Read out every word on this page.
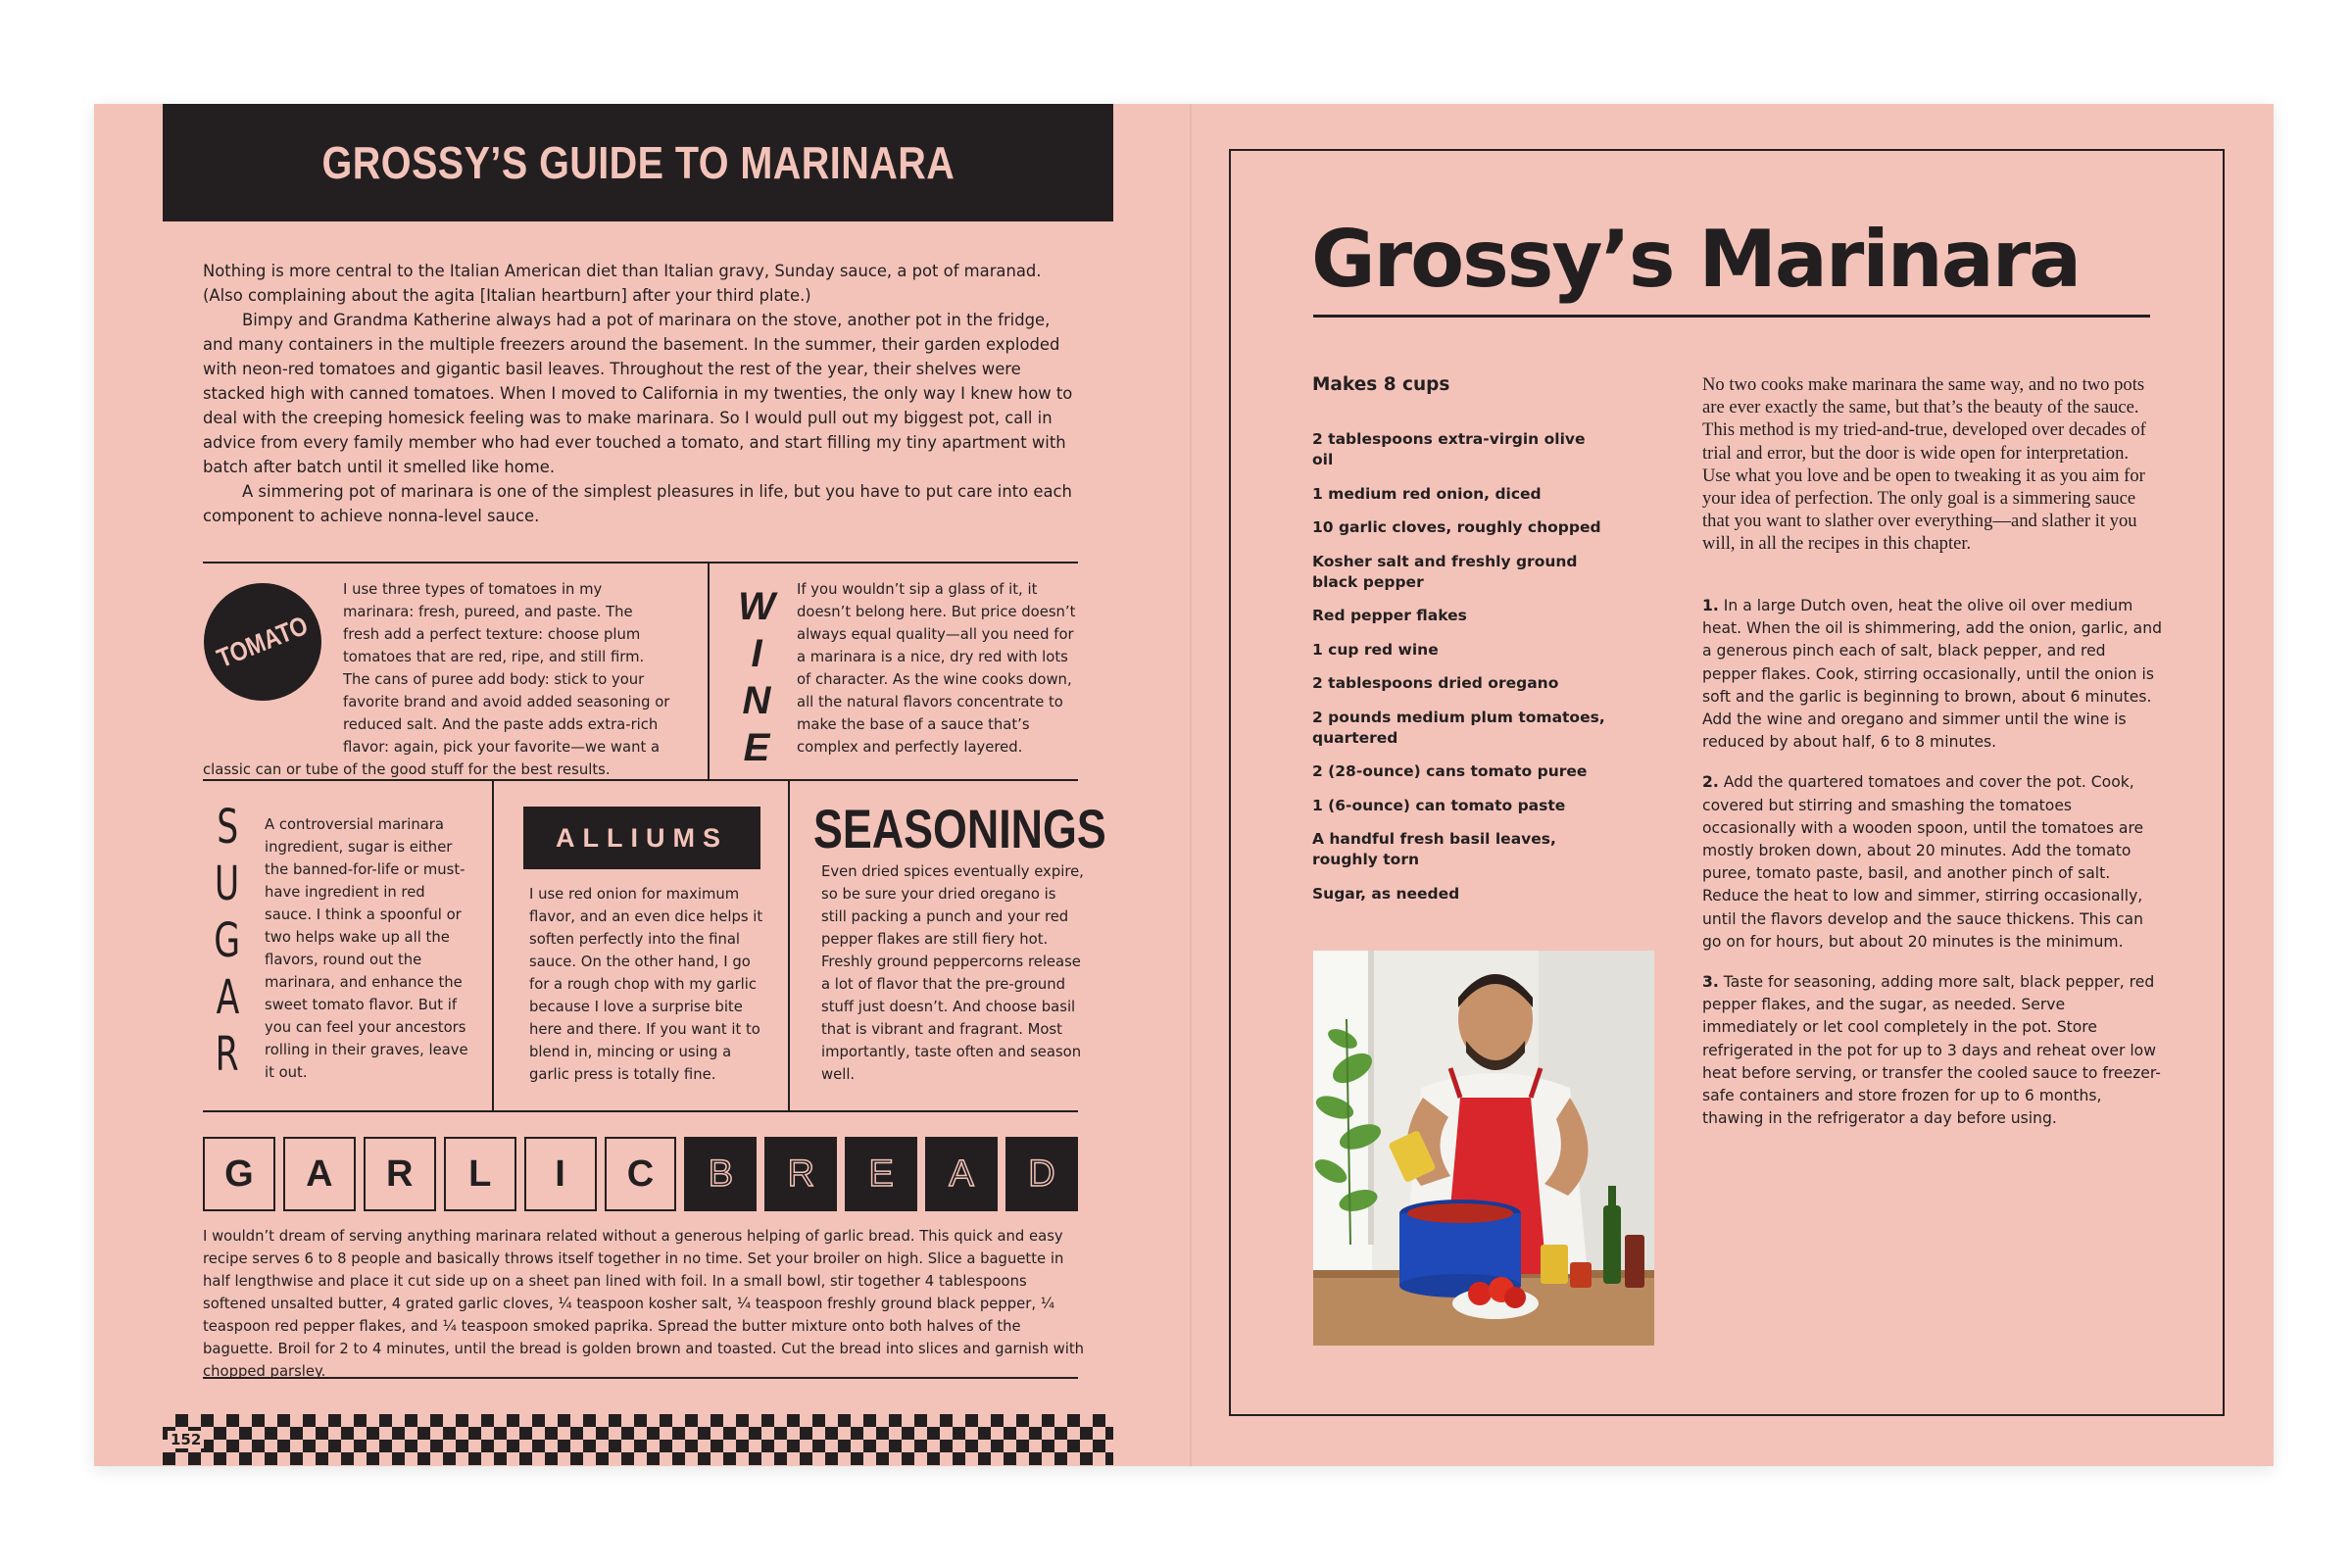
GROSSY’S GUIDE TO MARINARA

Nothing is more central to the Italian American diet than Italian gravy, Sunday sauce, a pot of maranad. (Also complaining about the agita [Italian heartburn] after your third plate.)

Bimpy and Grandma Katherine always had a pot of marinara on the stove, another pot in the fridge, and many containers in the multiple freezers around the basement. In the summer, their garden exploded with neon-red tomatoes and gigantic basil leaves. Throughout the rest of the year, their shelves were stacked high with canned tomatoes. When I moved to California in my twenties, the only way I knew how to deal with the creeping homesick feeling was to make marinara. So I would pull out my biggest pot, call in advice from every family member who had ever touched a tomato, and start filling my tiny apartment with batch after batch until it smelled like home.

A simmering pot of marinara is one of the simplest pleasures in life, but you have to put care into each component to achieve nonna-level sauce.

TOMATO

I use three types of tomatoes in my marinara: fresh, pureed, and paste. The fresh add a perfect texture: choose plum tomatoes that are red, ripe, and still firm. The cans of puree add body: stick to your favorite brand and avoid added seasoning or reduced salt. And the paste adds extra-rich flavor: again, pick your favorite—we want a classic can or tube of the good stuff for the best results.

W
I
N
E

If you wouldn’t sip a glass of it, it doesn’t belong here. But price doesn’t always equal quality—all you need for a marinara is a nice, dry red with lots of character. As the wine cooks down, all the natural flavors concentrate to make the base of a sauce that’s complex and perfectly layered.

S
U
G
A
R

A controversial marinara ingredient, sugar is either the banned-for-life or must-have ingredient in red sauce. I think a spoonful or two helps wake up all the flavors, round out the marinara, and enhance the sweet tomato flavor. But if you can feel your ancestors rolling in their graves, leave it out.

ALLIUMS

I use red onion for maximum flavor, and an even dice helps it soften perfectly into the final sauce. On the other hand, I go for a rough chop with my garlic because I love a surprise bite here and there. If you want it to blend in, mincing or using a garlic press is totally fine.

SEASONINGS

Even dried spices eventually expire, so be sure your dried oregano is still packing a punch and your red pepper flakes are still fiery hot. Freshly ground peppercorns release a lot of flavor that the pre-ground stuff just doesn’t. And choose basil that is vibrant and fragrant. Most importantly, taste often and season well.

G	A	R	L	I	C	B R E A D

I wouldn’t dream of serving anything marinara related without a generous helping of garlic bread. This quick and easy recipe serves 6 to 8 people and basically throws itself together in no time. Set your broiler on high. Slice a baguette in half lengthwise and place it cut side up on a sheet pan lined with foil. In a small bowl, stir together 4 tablespoons softened unsalted butter, 4 grated garlic cloves, ¼ teaspoon kosher salt, ¼ teaspoon freshly ground black pepper, ¼ teaspoon red pepper flakes, and ¼ teaspoon smoked paprika. Spread the butter mixture onto both halves of the baguette. Broil for 2 to 4 minutes, until the bread is golden brown and toasted. Cut the bread into slices and garnish with chopped parsley.

152
Grossy’s Marinara

Makes 8 cups

2 tablespoons extra-virgin olive oil
1 medium red onion, diced
10 garlic cloves, roughly chopped
Kosher salt and freshly ground black pepper
Red pepper flakes
1 cup red wine
2 tablespoons dried oregano
2 pounds medium plum tomatoes, quartered
2 (28-ounce) cans tomato puree
1 (6-ounce) can tomato paste
A handful fresh basil leaves, roughly torn
Sugar, as needed

No two cooks make marinara the same way, and no two pots are ever exactly the same, but that’s the beauty of the sauce. This method is my tried-and-true, developed over decades of trial and error, but the door is wide open for interpretation. Use what you love and be open to tweaking it as you aim for your idea of perfection. The only goal is a simmering sauce that you want to slather over everything—and slather it you will, in all the recipes in this chapter.

1. In a large Dutch oven, heat the olive oil over medium heat. When the oil is shimmering, add the onion, garlic, and a generous pinch each of salt, black pepper, and red pepper flakes. Cook, stirring occasionally, until the onion is soft and the garlic is beginning to brown, about 6 minutes. Add the wine and oregano and simmer until the wine is reduced by about half, 6 to 8 minutes.

2. Add the quartered tomatoes and cover the pot. Cook, covered but stirring and smashing the tomatoes occasionally with a wooden spoon, until the tomatoes are mostly broken down, about 20 minutes. Add the tomato puree, tomato paste, basil, and another pinch of salt. Reduce the heat to low and simmer, stirring occasionally, until the flavors develop and the sauce thickens. This can go on for hours, but about 20 minutes is the minimum.

3. Taste for seasoning, adding more salt, black pepper, red pepper flakes, and the sugar, as needed. Serve immediately or let cool completely in the pot. Store refrigerated in the pot for up to 3 days and reheat over low heat before serving, or transfer the cooled sauce to freezer-safe containers and store frozen for up to 6 months, thawing in the refrigerator a day before using.
